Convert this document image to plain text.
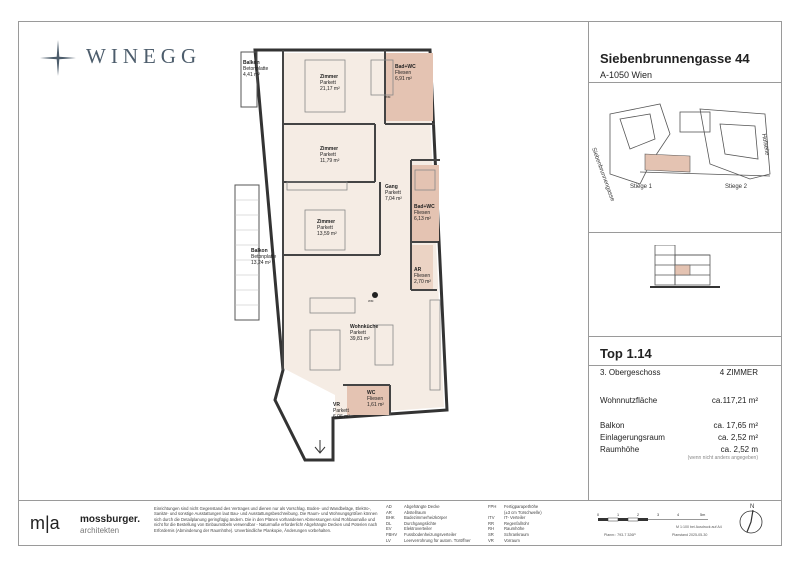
WINEGG
Zimmer
Parkett
21,17 m²
Bad+WC
Fliesen
6,91 m²
Balkon
Betonplatte
4,41 m²
Zimmer
Parkett
11,79 m²
Gang
Parkett
7,04 m²
Bad+WC
Fliesen
6,13 m²
Zimmer
Parkett
13,59 m²
Balkon
Betonplatte
13,24 m²
AR
Fliesen
2,70 m²
Wohnküche
Parkett
39,81 m²
WC
Fliesen
1,61 m²
VR
Parkett
6,06 m²
WM
WM
Siebenbrunnengasse 44
A-1050 Wien
Siebenbrunnengasse
Hofseite
Stiege 1	Stiege 2
Top 1.14
3. Obergeschoss	4 ZIMMER
Wohnnutzfläche	ca.117,21 m²
Balkon	ca. 17,65 m²
Einlagerungsraum	ca. 2,52 m²
Raumhöhe	ca. 2,52 m
(wenn nicht anders angegeben)
m|a mossburger.
architekten
Einrichtungen sind nicht Gegenstand des Vertrages und dienen nur als Vorschlag. Boden- und Wandbeläge, Elektro-, Sanitär- und sonstige Ausstattungen laut Bau- und Ausstattungsbeschreibung. Die Raum- und Wohnungsgrößen können sich durch die Detailplanung geringfügig ändern. Die in den Plänen vorhandenen Abmessungen sind Rohbaumaße und nicht für die Bestellung von Einbaumöbeln verwendbar - Naturmaße erforderlich! Abgehängte Decken und Poterien nach Erfordernis (Abminderung der Raumhöhe). Unverbindliche Plankopie, Änderungen vorbehalten.
AD	Abgehängte Decke
AR	Abstellraum
BHK Badezimmerheizkörper
DL	Durchgangslichte
EV	Elektroverteiler
FBHV Fussbodenheizungsverteiler
LV	Leerverrohrung für autom. Türöffner
FPH Fertigparapethöhe
(±3 cm Türschwelle)
ITV IT- Verteiler
RR Regenfallrohr
RH Raumhöhe
SR Schrankraum
VR Vorraum
0	1	2	3	4	5m
M 1:100 bei Ausdruck auf A4
Plannr.: 793-7 326P	Planstand 2025-05-30
N
